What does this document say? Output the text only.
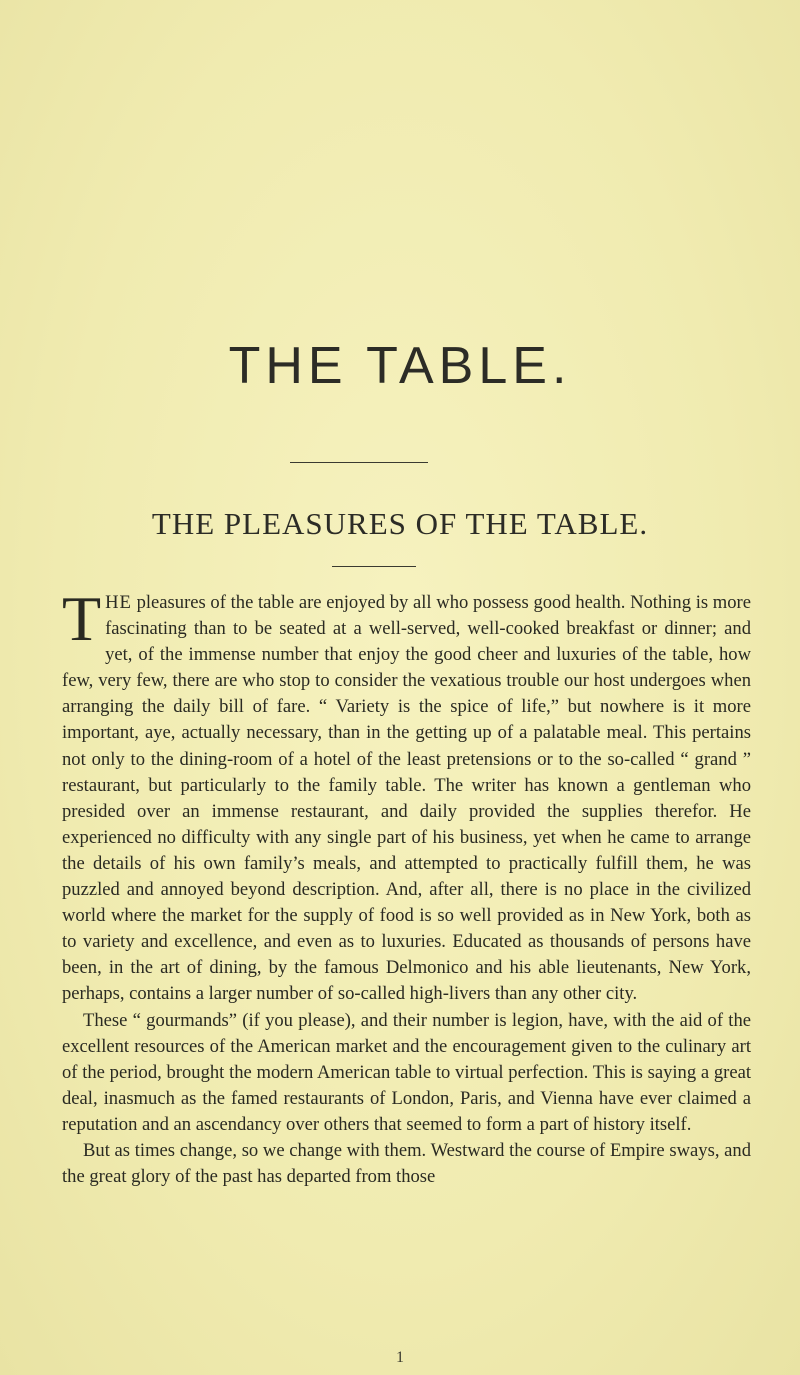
THE TABLE.
THE PLEASURES OF THE TABLE.

THE pleasures of the table are enjoyed by all who possess good health. Nothing is more fascinating than to be seated at a well-served, well-cooked breakfast or dinner; and yet, of the immense number that enjoy the good cheer and luxuries of the table, how few, very few, there are who stop to consider the vexatious trouble our host undergoes when arranging the daily bill of fare. “ Variety is the spice of life,” but nowhere is it more important, aye, actually necessary, than in the getting up of a palatable meal. This pertains not only to the dining-room of a hotel of the least pretensions or to the so-called “ grand ” restaurant, but particularly to the family table. The writer has known a gentleman who presided over an immense restaurant, and daily provided the supplies therefor. He experienced no difficulty with any single part of his business, yet when he came to arrange the details of his own family’s meals, and attempted to practically fulfill them, he was puzzled and annoyed beyond description. And, after all, there is no place in the civilized world where the market for the supply of food is so well provided as in New York, both as to variety and excellence, and even as to luxuries. Educated as thousands of persons have been, in the art of dining, by the famous Delmonico and his able lieutenants, New York, perhaps, contains a larger number of so-called high-livers than any other city.

These “ gourmands” (if you please), and their number is legion, have, with the aid of the excellent resources of the American market and the encouragement given to the culinary art of the period, brought the modern American table to virtual perfection. This is saying a great deal, inasmuch as the famed restaurants of London, Paris, and Vienna have ever claimed a reputation and an ascendancy over others that seemed to form a part of history itself.

But as times change, so we change with them. Westward the course of Empire sways, and the great glory of the past has departed from those

1
